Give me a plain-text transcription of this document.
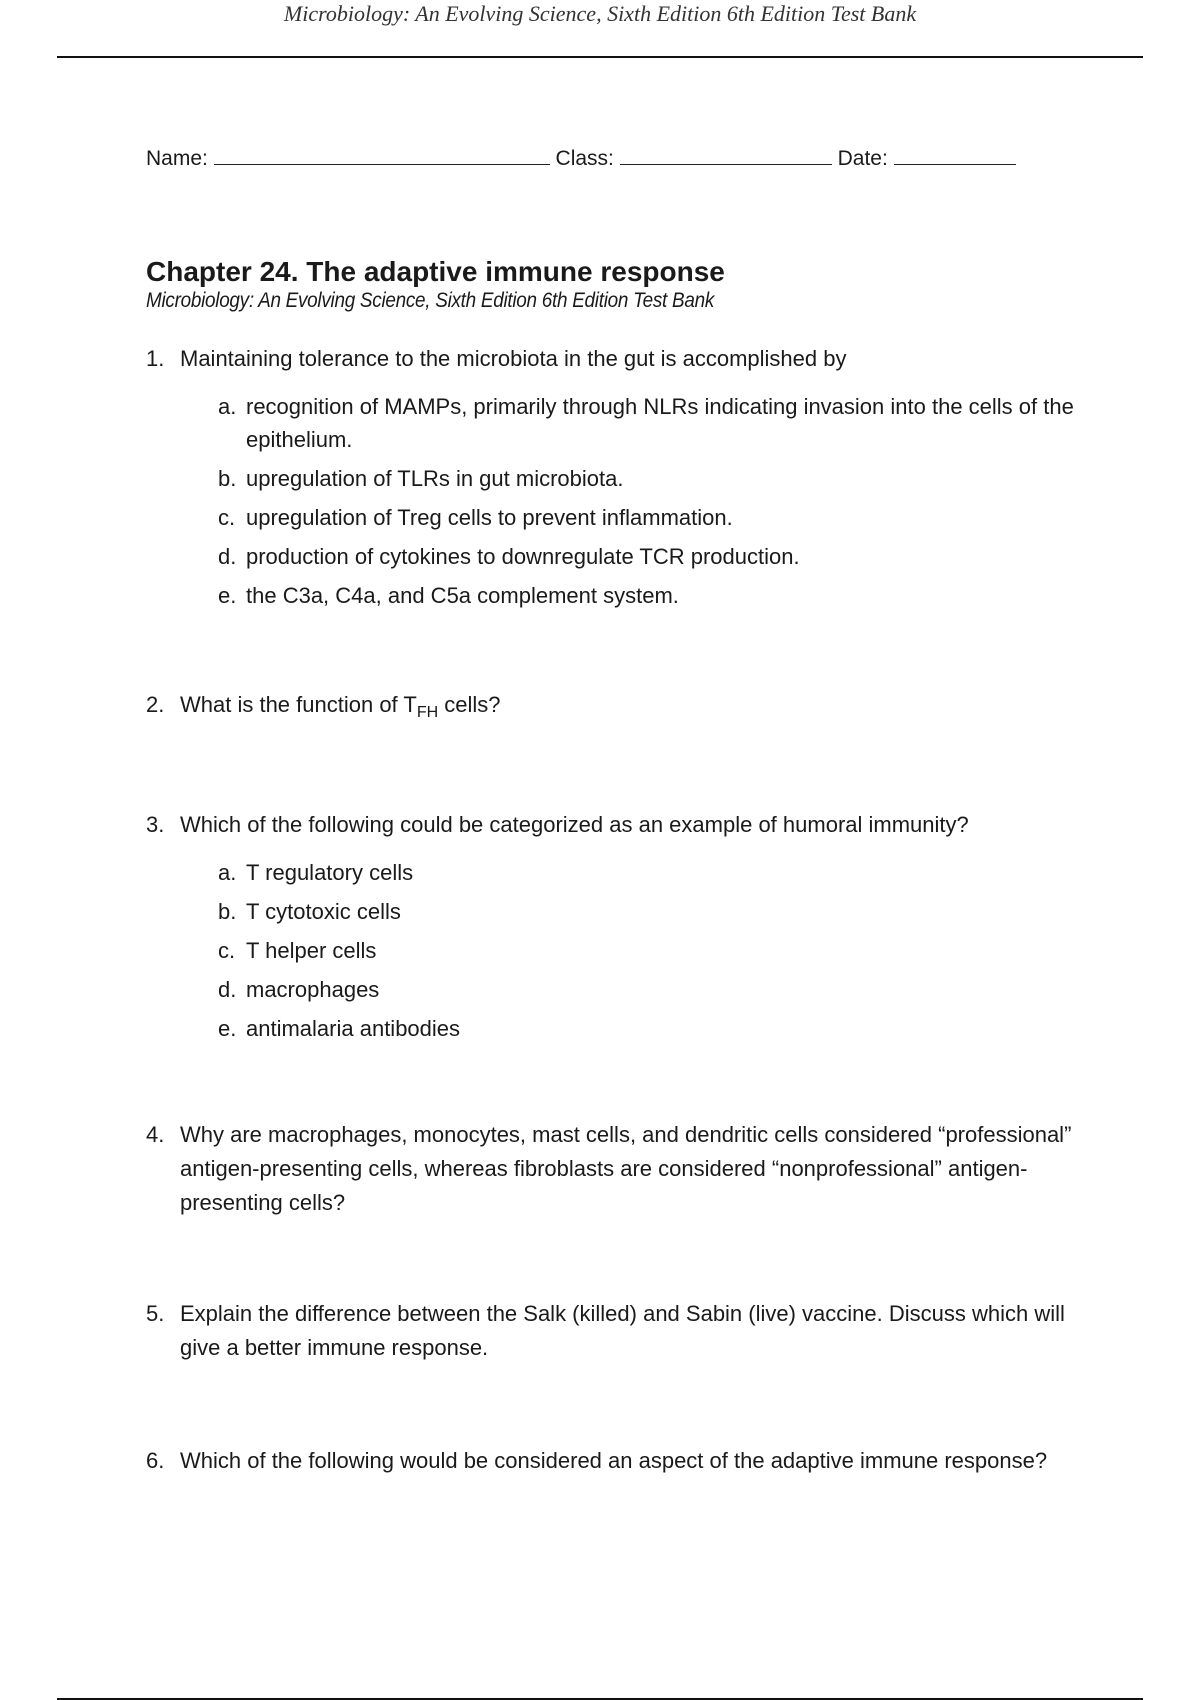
Microbiology: An Evolving Science, Sixth Edition 6th Edition Test Bank
Name:	Class:	Date:
Chapter 24. The adaptive immune response
Microbiology: An Evolving Science, Sixth Edition 6th Edition Test Bank
1. Maintaining tolerance to the microbiota in the gut is accomplished by
a. recognition of MAMPs, primarily through NLRs indicating invasion into the cells of the epithelium.
b. upregulation of TLRs in gut microbiota.
c. upregulation of Treg cells to prevent inflammation.
d. production of cytokines to downregulate TCR production.
e. the C3a, C4a, and C5a complement system.
2. What is the function of $T_{FH}$ cells?
3. Which of the following could be categorized as an example of humoral immunity?
a. T regulatory cells
b. T cytotoxic cells
c. T helper cells
d. macrophages
e. antimalaria antibodies
4. Why are macrophages, monocytes, mast cells, and dendritic cells considered “professional” antigen-presenting cells, whereas fibroblasts are considered “nonprofessional” antigen-presenting cells?
5. Explain the difference between the Salk (killed) and Sabin (live) vaccine. Discuss which will give a better immune response.
6. Which of the following would be considered an aspect of the adaptive immune response?
